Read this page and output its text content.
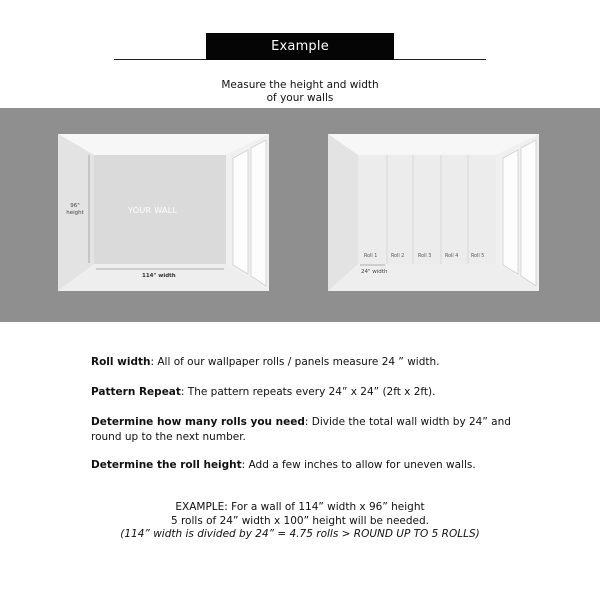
Example
Measure the height and width
of your walls
YOUR WALL
96"
height
114" width
Roll 1	Roll 2	Roll 3	Roll 4	Roll 5
24" width
Roll width: All of our wallpaper rolls / panels measure 24 ” width.
Pattern Repeat: The pattern repeats every 24” x 24” (2ft x 2ft).
Determine how many rolls you need: Divide the total wall width by 24” and round up to the next number.
Determine the roll height: Add a few inches to allow for uneven walls.
EXAMPLE: For a wall of 114” width x 96” height
5 rolls of 24” width x 100” height will be needed.
(114” width is divided by 24” = 4.75 rolls > ROUND UP TO 5 ROLLS)
